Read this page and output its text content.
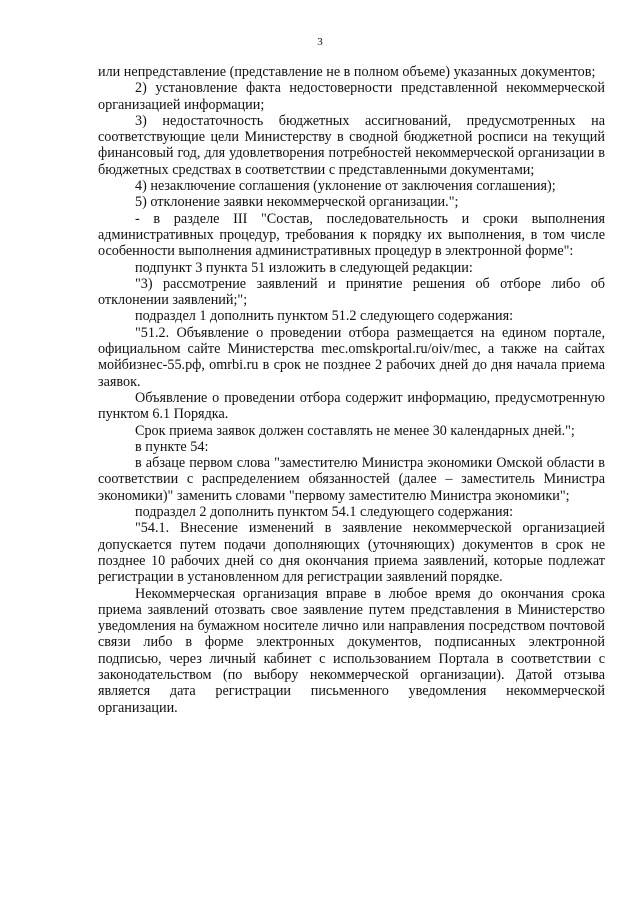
3

или непредставление (представление не в полном объеме) указанных документов;

2) установление факта недостоверности представленной некоммерческой организацией информации;

3) недостаточность бюджетных ассигнований, предусмотренных на соответствующие цели Министерству в сводной бюджетной росписи на текущий финансовый год, для удовлетворения потребностей некоммерческой организации в бюджетных средствах в соответствии с представленными документами;

4) незаключение соглашения (уклонение от заключения соглашения);

5) отклонение заявки некоммерческой организации.";

- в разделе III "Состав, последовательность и сроки выполнения административных процедур, требования к порядку их выполнения, в том числе особенности выполнения административных процедур в электронной форме":

подпункт 3 пункта 51 изложить в следующей редакции:

"3) рассмотрение заявлений и принятие решения об отборе либо об отклонении заявлений;";

подраздел 1 дополнить пунктом 51.2 следующего содержания:

"51.2. Объявление о проведении отбора размещается на едином портале, официальном сайте Министерства mec.omskportal.ru/oiv/mec, а также на сайтах мойбизнес-55.рф, omrbi.ru в срок не позднее 2 рабочих дней до дня начала приема заявок.

Объявление о проведении отбора содержит информацию, предусмотренную пунктом 6.1 Порядка.

Срок приема заявок должен составлять не менее 30 календарных дней.";

в пункте 54:

в абзаце первом слова "заместителю Министра экономики Омской области в соответствии с распределением обязанностей (далее – заместитель Министра экономики)" заменить словами "первому заместителю Министра экономики";

подраздел 2 дополнить пунктом 54.1 следующего содержания:

"54.1. Внесение изменений в заявление некоммерческой организацией допускается путем подачи дополняющих (уточняющих) документов в срок не позднее 10 рабочих дней со дня окончания приема заявлений, которые подлежат регистрации в установленном для регистрации заявлений порядке.

Некоммерческая организация вправе в любое время до окончания срока приема заявлений отозвать свое заявление путем представления в Министерство уведомления на бумажном носителе лично или направления посредством почтовой связи либо в форме электронных документов, подписанных электронной подписью, через личный кабинет с использованием Портала в соответствии с законодательством (по выбору некоммерческой организации). Датой отзыва является дата регистрации письменного уведомления некоммерческой организации.
